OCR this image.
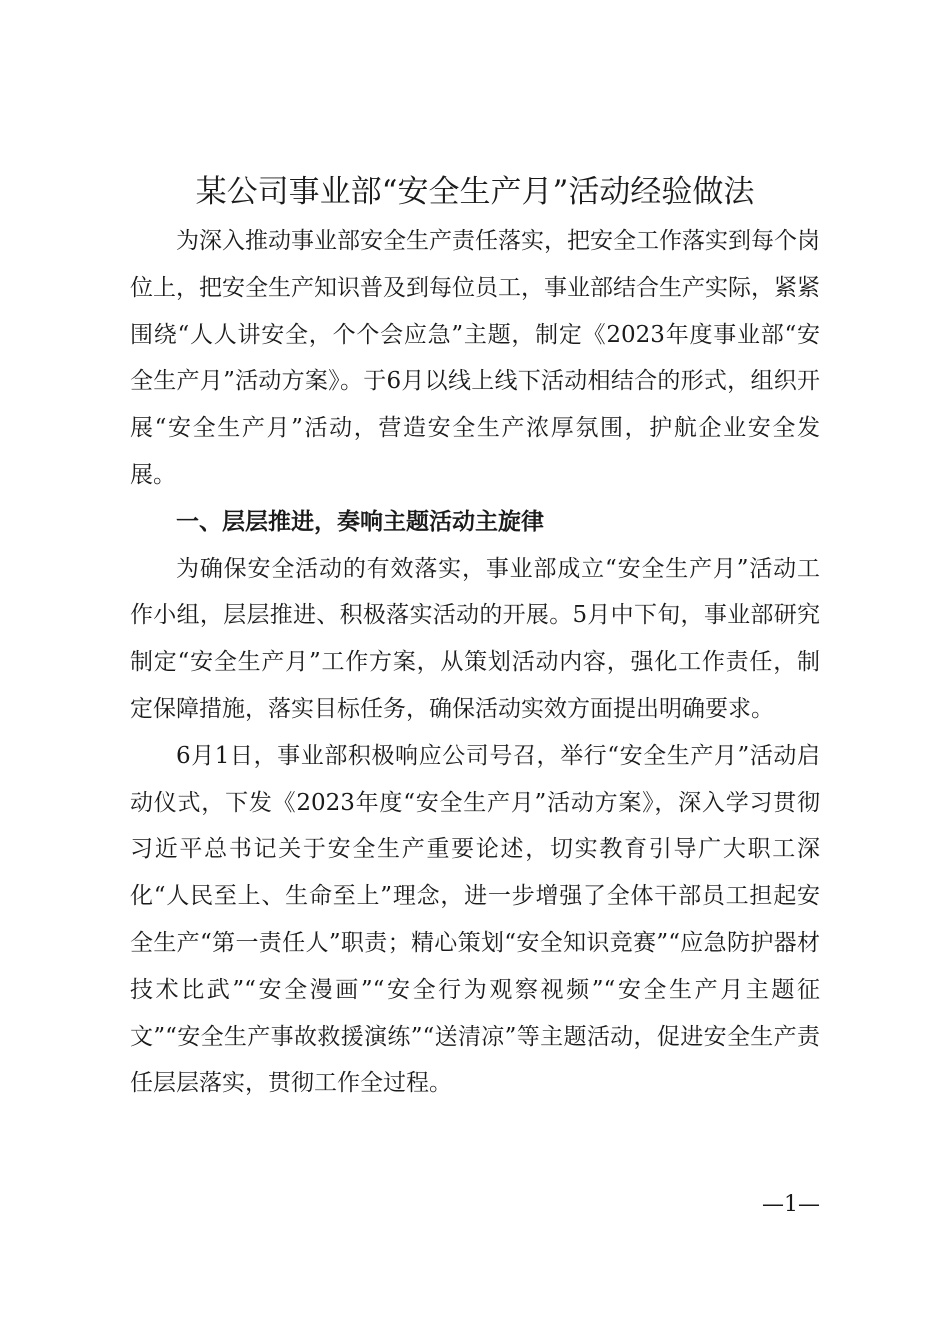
某公司事业部“安全生产月”活动经验做法

为深入推动事业部安全生产责任落实，把安全工作落实到每个岗位上，把安全生产知识普及到每位员工，事业部结合生产实际，紧紧围绕“人人讲安全，个个会应急”主题，制定《2023年度事业部“安全生产月”活动方案》。于6月以线上线下活动相结合的形式，组织开展“安全生产月”活动，营造安全生产浓厚氛围，护航企业安全发展。

一、层层推进，奏响主题活动主旋律

为确保安全活动的有效落实，事业部成立“安全生产月”活动工作小组，层层推进、积极落实活动的开展。5月中下旬，事业部研究制定“安全生产月”工作方案，从策划活动内容，强化工作责任，制定保障措施，落实目标任务，确保活动实效方面提出明确要求。

6月1日，事业部积极响应公司号召，举行“安全生产月”活动启动仪式，下发《2023年度“安全生产月”活动方案》，深入学习贯彻习近平总书记关于安全生产重要论述，切实教育引导广大职工深化“人民至上、生命至上”理念，进一步增强了全体干部员工担起安全生产“第一责任人”职责；精心策划“安全知识竞赛”“应急防护器材技术比武”“安全漫画”“安全行为观察视频”“安全生产月主题征文”“安全生产事故救援演练”“送清凉”等主题活动，促进安全生产责任层层落实，贯彻工作全过程。

—1—
